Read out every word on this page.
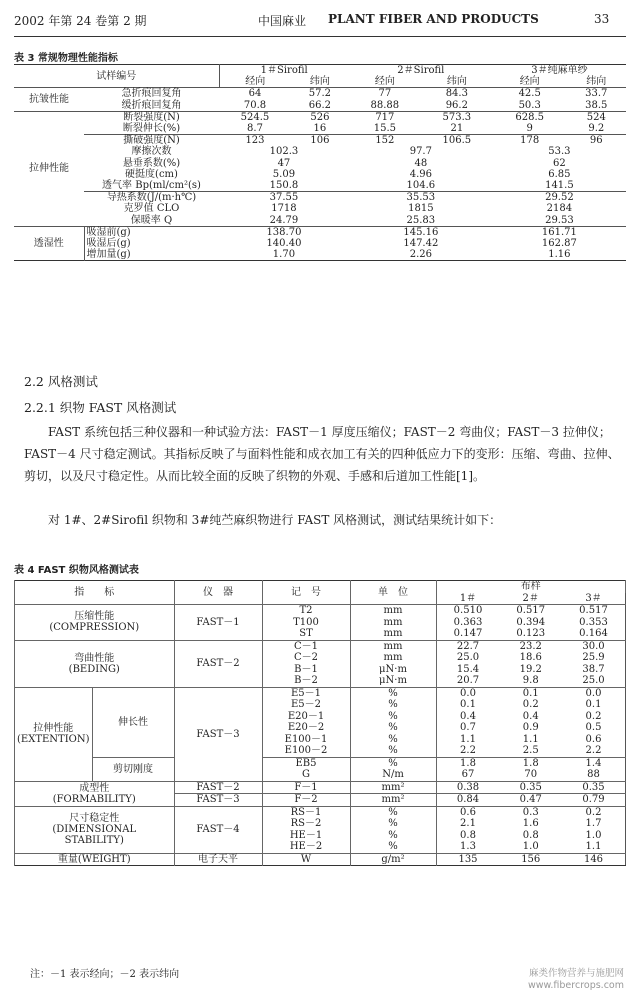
2002 年第 24 卷第 2 期	中国麻业 PLANT FIBER AND PRODUCTS	33
表 3 常规物理性能指标
试样编号		1＃Sirofil		2＃Sirofil		3＃纯麻单纱	
		经向	纬向	经向	纬向	经向	纬向
抗皱性能	急折痕回复角	64	57.2	77	84.3	42.5	33.7
	缓折痕回复角	70.8	66.2	88.88	96.2	50.3	38.5
拉伸性能	断裂强度(N)	524.5	526	717	573.3	628.5	524
	断裂伸长(%)	8.7	16	15.5	21	9	9.2
	撕破强度(N)	123	106	152	106.5	178	96
	摩擦次数	102.3		97.7		53.3	
	悬垂系数(%)	47		48		62	
	硬挺度(cm)	5.09		4.96		6.85	
	透气率 Bp(ml/cm²(s)	150.8		104.6		141.5	
	导热系数(J/(m·h℃)	37.55		35.53		29.52	
	克罗值 CLO	1718		1815		2184	
	保暖率 Q	24.79		25.83		29.53	
透湿性	吸湿前(g)	138.70		145.16		161.71	
	吸湿后(g)	140.40		147.42		162.87	
	增加量(g)	1.70		2.26		1.16	
2.2 风格测试
2.2.1 织物 FAST 风格测试
FAST 系统包括三种仪器和一种试验方法：FAST－1 厚度压缩仪；FAST－2 弯曲仪；FAST－3 拉伸仪；FAST－4 尺寸稳定测试。其指标反映了与面料性能和成衣加工有关的四种低应力下的变形：压缩、弯曲、拉伸、剪切，以及尺寸稳定性。从而比较全面的反映了织物的外观、手感和后道加工性能[1]。
对 1#、2#Sirofil 织物和 3#纯苎麻织物进行 FAST 风格测试，测试结果统计如下：
表 4 FAST 织物风格测试表
指　　标		仪　器	记　号	单　位	布样		
					1＃	2＃	3＃

压缩性能
(COMPRESSION)		FAST－1	T2	mm	0.510	0.517	0.517
			T100	mm	0.363	0.394	0.353
			ST	mm	0.147	0.123	0.164

弯曲性能
(BEDING)		FAST－2	C－1	mm	22.7	23.2	30.0
			C－2	mm	25.0	18.6	25.9
			B－1	μN·m	15.4	19.2	38.7
			B－2	μN·m	20.7	9.8	25.0

拉伸性能
(EXTENTION)	伸长性	FAST－3	E5－1	%	0.0	0.1	0.0
			E5－2	%	0.1	0.2	0.1
			E20－1	%	0.4	0.4	0.2
			E20－2	%	0.7	0.9	0.5
			E100－1	%	1.1	1.1	0.6
			E100－2	%	2.2	2.5	2.2
	剪切刚度		EB5	%	1.8	1.8	1.4
			G	N/m	67	70	88

成型性
(FORMABILITY)		FAST－2	F－1	mm²	0.38	0.35	0.35
		FAST－3	F－2	mm²	0.84	0.47	0.79

尺寸稳定性
(DIMENSIONAL
STABILITY)		FAST－4	RS－1	%	0.6	0.3	0.2
			RS－2	%	2.1	1.6	1.7
			HE－1	%	0.8	0.8	1.0
			HE－2	%	1.3	1.0	1.1

重量(WEIGHT)		电子天平	W	g/m²	135	156	146
注：－1 表示经向；－2 表示纬向	麻类作物营养与施肥网
www.fibercrops.com
